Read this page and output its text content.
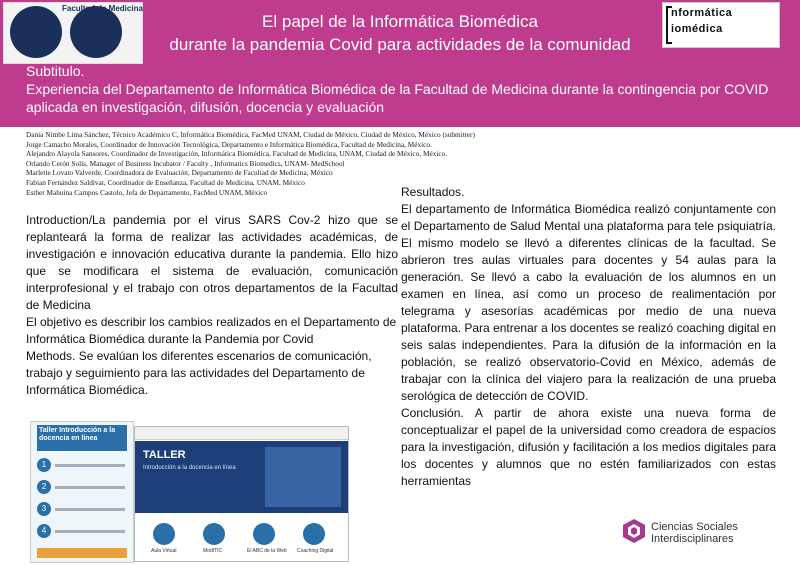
Facultad de Medicina
El papel de la Informática Biomédica
durante la pandemia Covid para actividades de la comunidad
nformática
iomédica
Subtitulo.
Experiencia del Departamento de Informática Biomédica de la Facultad de Medicina durante la contingencia por COVID aplicada en investigación, difusión, docencia y evaluación
Dania Nimbe Lima Sánchez, Técnico Académico C, Informática Biomédica, FacMed UNAM, Ciudad de México, Ciudad de México, México (submitter)
Jorge Camacho Morales, Coordinador de Innovación Tecnológica, Departamento e Informática Biomédica, Facultad de Medicina, México.
Alejandro Alayola Sansores, Coordinador de Investigación, Informática Biomédica, Facultad de Medicina, UNAM, Ciudad de México, México.
Orlando Cerón Solís, Manager of Business Incubator / Faculty , Informatics Biomedics, UNAM- MedSchool
Marlette Lovato Valverde, Coordinadora de Evaluación, Departamento de Facultad de Medicina, México
Fabian Fernández Saldivar, Coordinador de Enseñanza, Facultad de Medicina, UNAM, México
Esther Mahuina Campos Castolo, Jefa de Departamento, FacMed UNAM, México

Introduction/La pandemia por el virus SARS Cov-2 hizo que se replanteará la forma de realizar las actividades académicas, de investigación e innovación educativa durante la pandemia. Ello hizo que se modificara el sistema de evaluación, comunicación interprofesional y el trabajo con otros departamentos de la Facultad de Medicina

El objetivo es describir los cambios realizados en el Departamento de Informática Biomédica durante la Pandemia por Covid

Methods. Se evalúan los diferentes escenarios de comunicación, trabajo y seguimiento para las actividades del Departamento de Informática Biomédica.

Resultados.

El departamento de Informática Biomédica realizó conjuntamente con el Departamento de Salud Mental una plataforma para tele psiquiatría. El mismo modelo se llevó a diferentes clínicas de la facultad. Se abrieron tres aulas virtuales para docentes y 54 aulas para la generación. Se llevó a cabo la evaluación de los alumnos en un examen en línea, así como un proceso de realimentación por telegrama y asesorías académicas por medio de una nueva plataforma. Para entrenar a los docentes se realizó coaching digital en seis salas independientes. Para la difusión de la información en la población, se realizó observatorio-Covid en México, además de trabajar con la clínica del viajero para la realización de una prueba serológica de detección de COVID.

Conclusión. A partir de ahora existe una nueva forma de conceptualizar el papel de la universidad como creadora de espacios para la investigación, difusión y facilitación a los medios digitales para los docentes y alumnos que no estén familiarizados con estas herramientas

Taller Introducción a la docencia en línea
1
2
3
4
TALLER
Introducción a la docencia en línea
Aula Virtual	ModITIC	El ABC de la Web Coaching Digital
Ciencias Sociales
Interdisciplinares
